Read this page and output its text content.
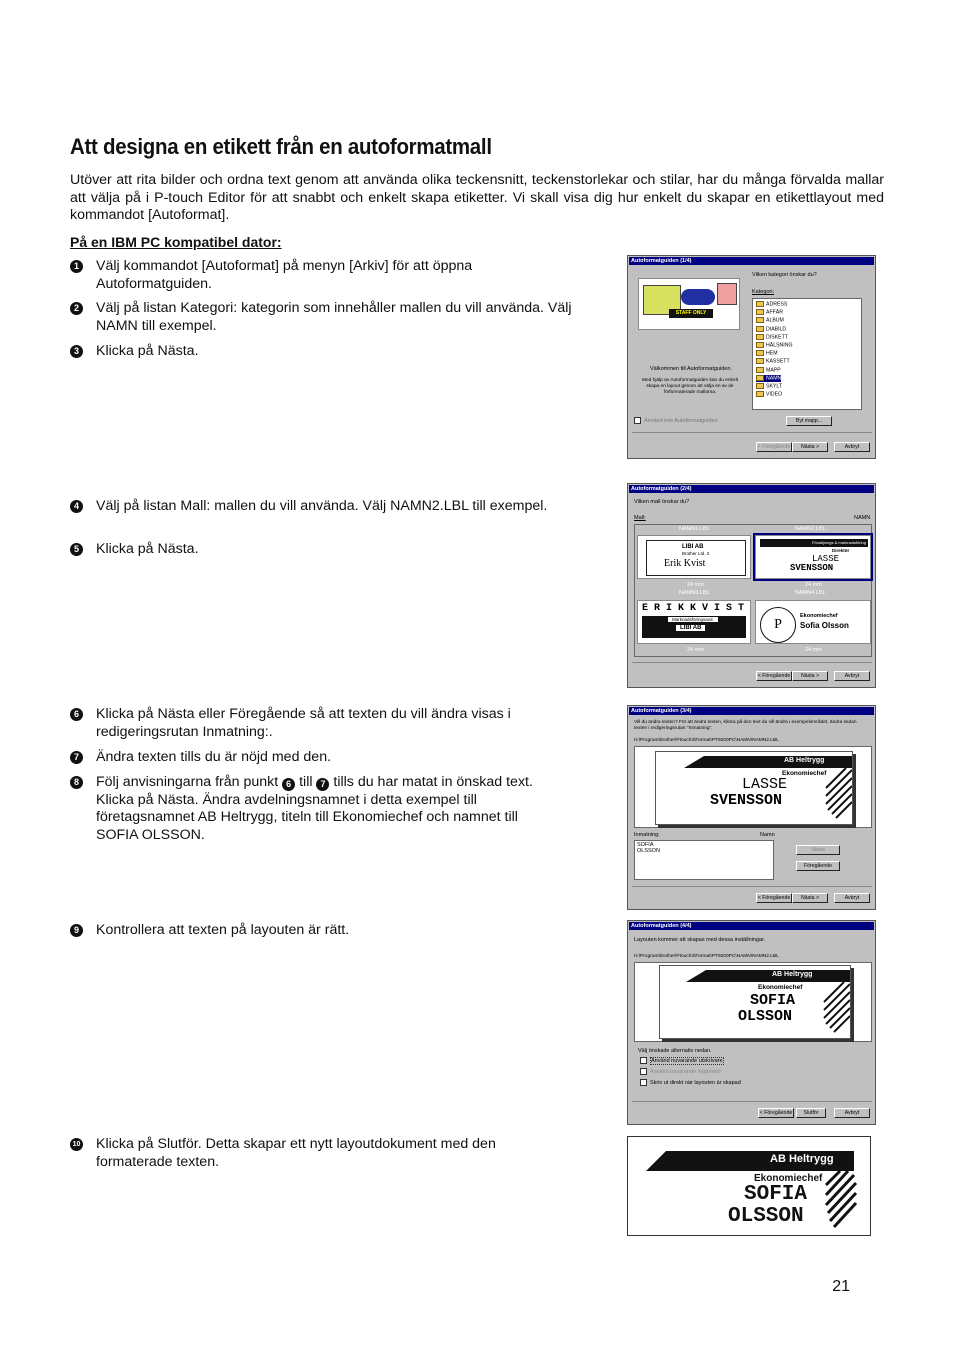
Att designa en etikett från en autoformatmall
Utöver att rita bilder och ordna text genom att använda olika teckensnitt, teckenstorlekar och stilar, har du många förvalda mallar att välja på i P-touch Editor för att snabbt och enkelt skapa etiketter. Vi skall visa dig hur enkelt du skapar en etikettlayout med kommandot [Autoformat].
På en IBM PC kompatibel dator:
1 Välj kommandot [Autoformat] på menyn [Arkiv] för att öppna Autoformatguiden.
2 Välj på listan Kategori: kategorin som innehåller mallen du vill använda. Välj NAMN till exempel.
3 Klicka på Nästa.
4 Välj på listan Mall: mallen du vill använda. Välj NAMN2.LBL till exempel.
5 Klicka på Nästa.
6 Klicka på Nästa eller Föregående så att texten du vill ändra visas i redigeringsrutan Inmatning:.
7 Ändra texten tills du är nöjd med den.
8 Följ anvisningarna från punkt 6 till 7 tills du har matat in önskad text. Klicka på Nästa. Ändra avdelningsnamnet i detta exempel till företagsnamnet AB Heltrygg, titeln till Ekonomiechef och namnet till SOFIA OLSSON.
9 Kontrollera att texten på layouten är rätt.
10 Klicka på Slutför. Detta skapar ett nytt layoutdokument med den formaterade texten.
Autoformatguiden (1/4)
STAFF ONLY
Välkommen till Autoformatguiden.
Med hjälp av Autoformatguiden kan du enkelt skapa en layout genom att välja en av de förformaterade mallarna.
Vilken kategori önskar du?
Kategori:
ADRESS
AFFÄR
ALBUM
DIABILD
DISKETT
HÄLSNING
HEM
KASSETT
MAPP
NAMN
SKYLT
VIDEO
Använd inte Autoformatguiden	Byt mapp...
< Föregående	Nästa >	Avbryt
Autoformatguiden (2/4)
Vilken mall önskar du?
Mall:	NAMN
NAMN1.LBL
LIBI AB
Brother Ltd. 2
Erik Kvist
24 mm
NAMN2.LBL
Försäljnings & marknadsföring
Direktör
LASSE
SVENSSON
24 mm
NAMN3.LBL
E R I K K V I S T
Marknadsföringsavd.
LIBI AB
24 mm
NAMN4.LBL
P
Ekonomiechef
Sofia Olsson
24 mm
< Föregående	Nästa >	Avbryt
Autoformatguiden (3/4)
Vill du ändra texten? För att ändra texten, klicka på den text du vill ändra i exempelområdet, ändra sedan texten i redigeringsrutan "Inmatning".
H:\Program\brother\Ptouch3\Format\PT9200PC\NAMN\NAMN2.LBL
AB Heltrygg
Ekonomiechef
LASSE
SVENSSON
Inmatning:	Namn
SOFIA
OLSSON	Nästa
Föregående
< Föregående	Nästa >	Avbryt
Autoformatguiden (4/4)
Layouten kommer att skapas med dessa inställningar.
H:\Program\brother\Ptouch3\Format\PT9200PC\NAMN\NAMN2.LBL
AB Heltrygg
Ekonomiechef
SOFIA
OLSSON
Välj önskade alternativ nedan.
Använd nuvarande utskrivare
Använd nuvarande tejpbredd
Skriv ut direkt när layouten är skapad
< Föregående	Slutför	Avbryt
AB Heltrygg
Ekonomiechef
SOFIA
OLSSON
21
